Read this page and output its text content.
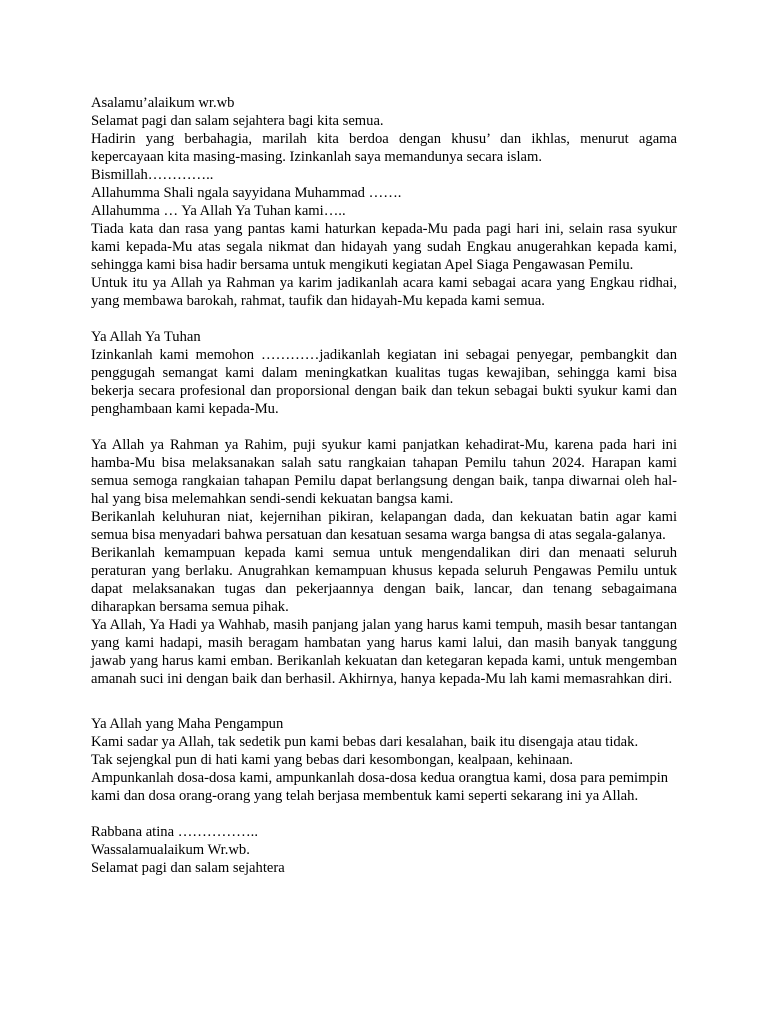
Asalamu’alaikum wr.wb

Selamat pagi dan salam sejahtera bagi kita semua.

Hadirin yang berbahagia, marilah kita berdoa dengan khusu’ dan ikhlas, menurut agama kepercayaan kita masing-masing. Izinkanlah saya memandunya secara islam.

Bismillah…………..

Allahumma Shali ngala sayyidana Muhammad …….

Allahumma … Ya Allah Ya Tuhan kami…..

Tiada kata dan rasa yang pantas kami haturkan kepada-Mu pada pagi hari ini, selain rasa syukur kami kepada-Mu atas segala nikmat dan hidayah yang sudah Engkau anugerahkan kepada kami, sehingga kami bisa hadir bersama untuk mengikuti kegiatan Apel Siaga Pengawasan Pemilu.

Untuk itu ya Allah ya Rahman ya karim jadikanlah acara kami sebagai acara yang Engkau ridhai, yang membawa barokah, rahmat, taufik dan hidayah-Mu kepada kami semua.

Ya Allah Ya Tuhan

Izinkanlah kami memohon …………jadikanlah kegiatan ini sebagai penyegar, pembangkit dan penggugah semangat kami dalam meningkatkan kualitas tugas kewajiban, sehingga kami bisa bekerja secara profesional dan proporsional dengan baik dan tekun sebagai bukti syukur kami dan penghambaan kami kepada-Mu.

Ya Allah ya Rahman ya Rahim, puji syukur kami panjatkan kehadirat-Mu, karena pada hari ini hamba-Mu bisa melaksanakan salah satu rangkaian tahapan Pemilu tahun 2024. Harapan kami semua semoga rangkaian tahapan Pemilu dapat berlangsung dengan baik, tanpa diwarnai oleh hal-hal yang bisa melemahkan sendi-sendi kekuatan bangsa kami.

Berikanlah keluhuran niat, kejernihan pikiran, kelapangan dada, dan kekuatan batin agar kami semua bisa menyadari bahwa persatuan dan kesatuan sesama warga bangsa di atas segala-galanya.

Berikanlah kemampuan kepada kami semua untuk mengendalikan diri dan menaati seluruh peraturan yang berlaku. Anugrahkan kemampuan khusus kepada seluruh Pengawas Pemilu untuk dapat melaksanakan tugas dan pekerjaannya dengan baik, lancar, dan tenang sebagaimana diharapkan bersama semua pihak.

Ya Allah, Ya Hadi ya Wahhab, masih panjang jalan yang harus kami tempuh, masih besar tantangan yang kami hadapi, masih beragam hambatan yang harus kami lalui, dan masih banyak tanggung jawab yang harus kami emban. Berikanlah kekuatan dan ketegaran kepada kami, untuk mengemban amanah suci ini dengan baik dan berhasil. Akhirnya, hanya kepada-Mu lah kami memasrahkan diri.

Ya Allah yang Maha Pengampun

Kami sadar ya Allah, tak sedetik pun kami bebas dari kesalahan, baik itu disengaja atau tidak.

Tak sejengkal pun di hati kami yang bebas dari kesombongan, kealpaan, kehinaan.

Ampunkanlah dosa-dosa kami, ampunkanlah dosa-dosa kedua orangtua kami, dosa para pemimpin kami dan dosa orang-orang yang telah berjasa membentuk kami seperti sekarang ini ya Allah.

Rabbana atina ……………..

Wassalamualaikum Wr.wb.

Selamat pagi dan salam sejahtera
